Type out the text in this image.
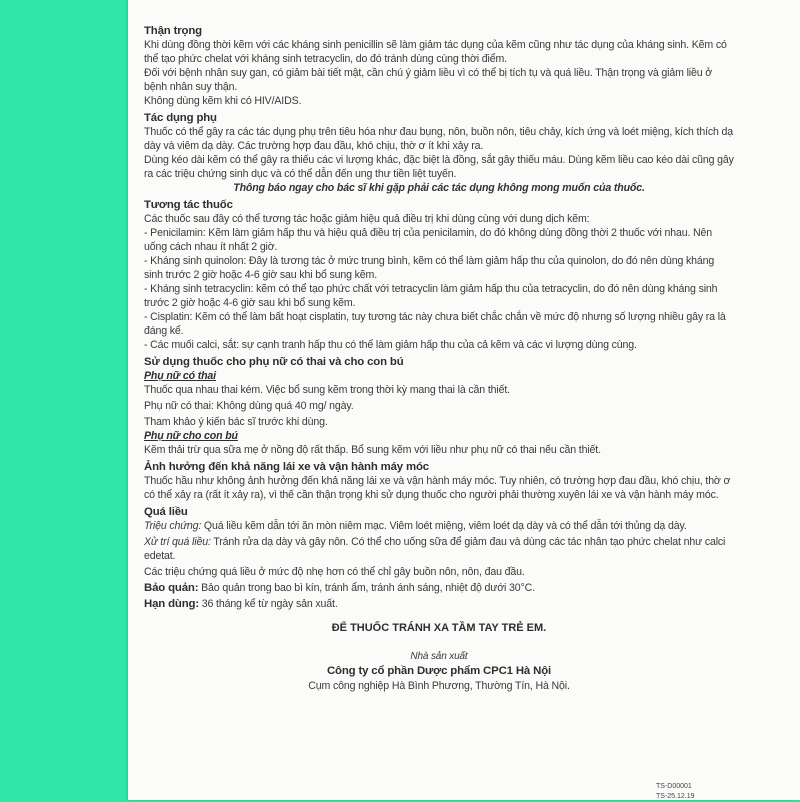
Thận trọng

Khi dùng đồng thời kẽm với các kháng sinh penicillin sẽ làm giảm tác dụng của kẽm cũng như tác dụng của kháng sinh. Kẽm có thể tạo phức chelat với kháng sinh tetracyclin, do đó tránh dùng cùng thời điểm.

Đối với bệnh nhân suy gan, có giảm bài tiết mật, cần chú ý giảm liều vì có thể bị tích tụ và quá liều. Thận trọng và giảm liều ở bệnh nhân suy thận.

Không dùng kẽm khi có HIV/AIDS.

Tác dụng phụ

Thuốc có thể gây ra các tác dụng phụ trên tiêu hóa như đau bụng, nôn, buồn nôn, tiêu chảy, kích ứng và loét miệng, kích thích dạ dày và viêm dạ dày. Các trường hợp đau đầu, khó chịu, thờ ơ ít khi xảy ra.

Dùng kéo dài kẽm có thể gây ra thiếu các vi lượng khác, đặc biệt là đồng, sắt gây thiếu máu. Dùng kẽm liều cao kéo dài cũng gây ra các triệu chứng sinh dục và có thể dẫn đến ung thư tiền liệt tuyến.

Thông báo ngay cho bác sĩ khi gặp phải các tác dụng không mong muốn của thuốc.

Tương tác thuốc

Các thuốc sau đây có thể tương tác hoặc giảm hiệu quả điều trị khi dùng cùng với dung dịch kẽm:

- Penicilamin: Kẽm làm giảm hấp thu và hiệu quả điều trị của penicilamin, do đó không dùng đồng thời 2 thuốc với nhau. Nên uống cách nhau ít nhất 2 giờ.

- Kháng sinh quinolon: Đây là tương tác ở mức trung bình, kẽm có thể làm giảm hấp thu của quinolon, do đó nên dùng kháng sinh trước 2 giờ hoặc 4-6 giờ sau khi bổ sung kẽm.

- Kháng sinh tetracyclin: kẽm có thể tạo phức chất với tetracyclin làm giảm hấp thu của tetracyclin, do đó nên dùng kháng sinh trước 2 giờ hoặc 4-6 giờ sau khi bổ sung kẽm.

- Cisplatin: Kẽm có thể làm bất hoạt cisplatin, tuy tương tác này chưa biết chắc chắn về mức độ nhưng số lượng nhiều gây ra là đáng kể.

- Các muối calci, sắt: sự cạnh tranh hấp thu có thể làm giảm hấp thu của cả kẽm và các vi lượng dùng cùng.

Sử dụng thuốc cho phụ nữ có thai và cho con bú

Phụ nữ có thai

Thuốc qua nhau thai kém. Việc bổ sung kẽm trong thời kỳ mang thai là cần thiết.

Phụ nữ có thai: Không dùng quá 40 mg/ ngày.

Tham khảo ý kiến bác sĩ trước khi dùng.

Phụ nữ cho con bú

Kẽm thải trừ qua sữa mẹ ở nồng độ rất thấp. Bổ sung kẽm với liều như phụ nữ có thai nếu cần thiết.

Ảnh hưởng đến khả năng lái xe và vận hành máy móc

Thuốc hầu như không ảnh hưởng đến khả năng lái xe và vận hành máy móc. Tuy nhiên, có trường hợp đau đầu, khó chịu, thờ ơ có thể xảy ra (rất ít xảy ra), vì thế cần thận trọng khi sử dụng thuốc cho người phải thường xuyên lái xe và vận hành máy móc.

Quá liều

Triệu chứng: Quá liều kẽm dẫn tới ăn mòn niêm mạc. Viêm loét miệng, viêm loét dạ dày và có thể dẫn tới thủng dạ dày.

Xử trí quá liều: Tránh rửa dạ dày và gây nôn. Có thể cho uống sữa để giảm đau và dùng các tác nhân tạo phức chelat như calci edetat.

Các triệu chứng quá liều ở mức độ nhẹ hơn có thể chỉ gây buồn nôn, nôn, đau đầu.

Bảo quản: Bảo quản trong bao bì kín, tránh ẩm, tránh ánh sáng, nhiệt độ dưới 30°C.

Hạn dùng: 36 tháng kể từ ngày sản xuất.

ĐỂ THUỐC TRÁNH XA TẦM TAY TRẺ EM.
Nhà sản xuất
Công ty cổ phần Dược phẩm CPC1 Hà Nội
Cụm công nghiệp Hà Bình Phương, Thường Tín, Hà Nội.
TS-D00001
TS-25.12.19
